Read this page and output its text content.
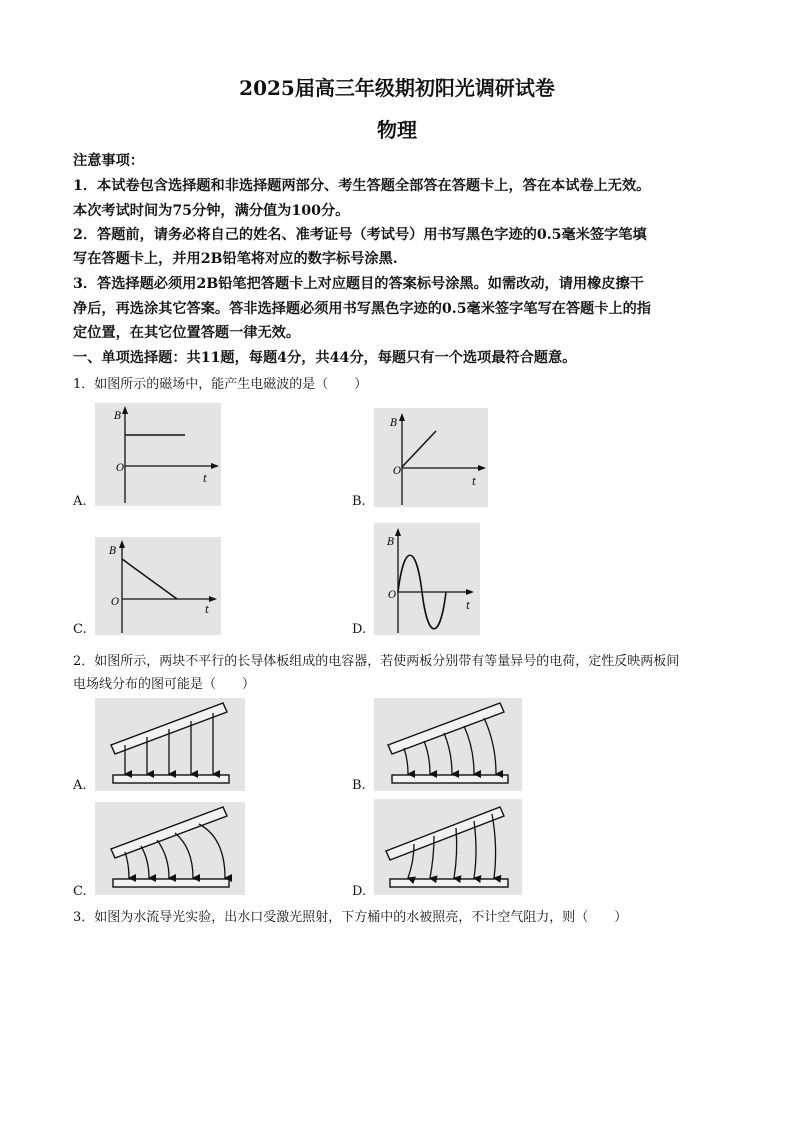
2025届高三年级期初阳光调研试卷
物理
注意事项：
1．本试卷包含选择题和非选择题两部分、考生答题全部答在答题卡上，答在本试卷上无效。
本次考试时间为75分钟，满分值为100分。
2．答题前，请务必将自己的姓名、准考证号（考试号）用书写黑色字迹的0.5毫米签字笔填
写在答题卡上，并用2B铅笔将对应的数字标号涂黑.
3．答选择题必须用2B铅笔把答题卡上对应题目的答案标号涂黑。如需改动，请用橡皮擦干
净后，再选涂其它答案。答非选择题必须用书写黑色字迹的0.5毫米签字笔写在答题卡上的指
定位置，在其它位置答题一律无效。
一、单项选择题：共11题，每题4分，共44分，每题只有一个选项最符合题意。
1．如图所示的磁场中，能产生电磁波的是（　　）
A.
B
O
t
B.
B
O
t
C.
B
O
t
D.
B
O
t
2．如图所示，两块不平行的长导体板组成的电容器，若使两板分别带有等量异号的电荷，定性反映两板间
电场线分布的图可能是（　　）
A.	B.
C.	D.
3．如图为水流导光实验，出水口受激光照射，下方桶中的水被照亮，不计空气阻力，则（　　）
